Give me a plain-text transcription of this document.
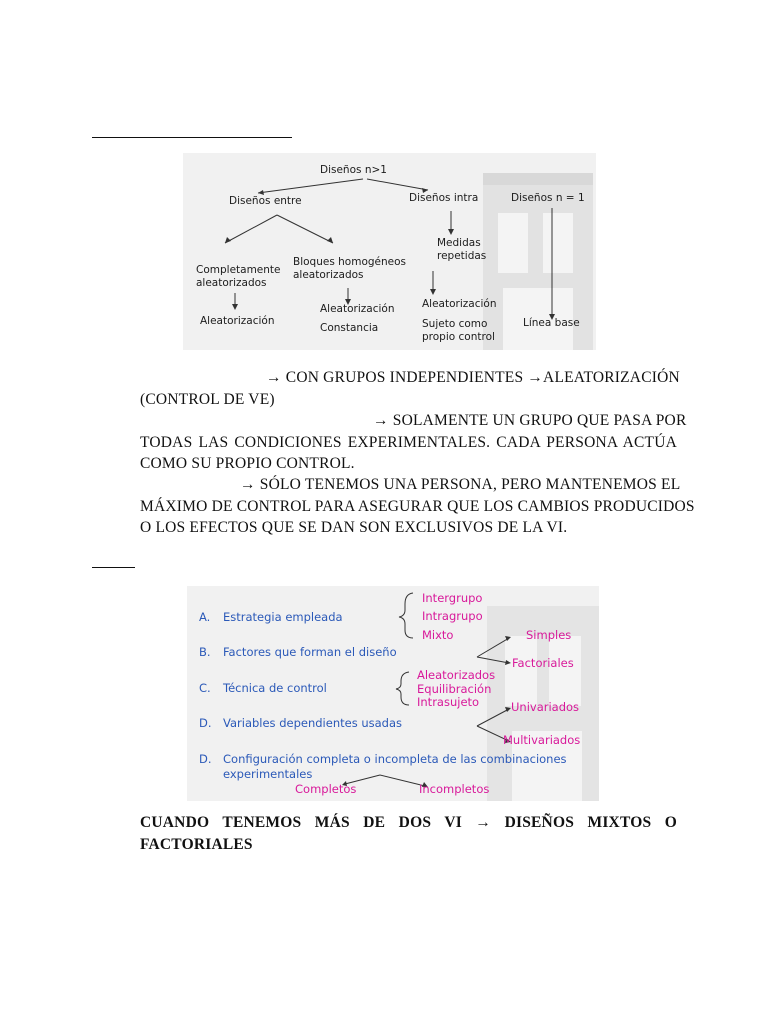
Diseños n>1
Diseños entre	Diseños intra	Diseños n = 1
Completamente
aleatorizados
Bloques homogéneos
aleatorizados
Medidas
repetidas
Aleatorización
Aleatorización
Constancia
Aleatorización
Sujeto como
propio control
Línea base
→ CON GRUPOS INDEPENDIENTES →ALEATORIZACIÓN
(CONTROL DE VE)
→ SOLAMENTE UN GRUPO QUE PASA POR
TODAS LAS CONDICIONES EXPERIMENTALES. CADA PERSONA ACTÚA
COMO SU PROPIO CONTROL.
→ SÓLO TENEMOS UNA PERSONA, PERO MANTENEMOS EL
MÁXIMO DE CONTROL PARA ASEGURAR QUE LOS CAMBIOS PRODUCIDOS
O LOS EFECTOS QUE SE DAN SON EXCLUSIVOS DE LA VI.
A. Estrategia empleada
B. Factores que forman el diseño
C. Técnica de control
D. Variables dependientes usadas
D. Configuración completa o incompleta de las combinaciones
experimentales
Intergrupo
Intragrupo
Mixto	Simples
Factoriales
Aleatorizados
Equilibración
Intrasujeto	Univariados
Multivariados
Completos	Incompletos
CUANDO TENEMOS MÁS DE DOS VI → DISEÑOS MIXTOS O
FACTORIALES
